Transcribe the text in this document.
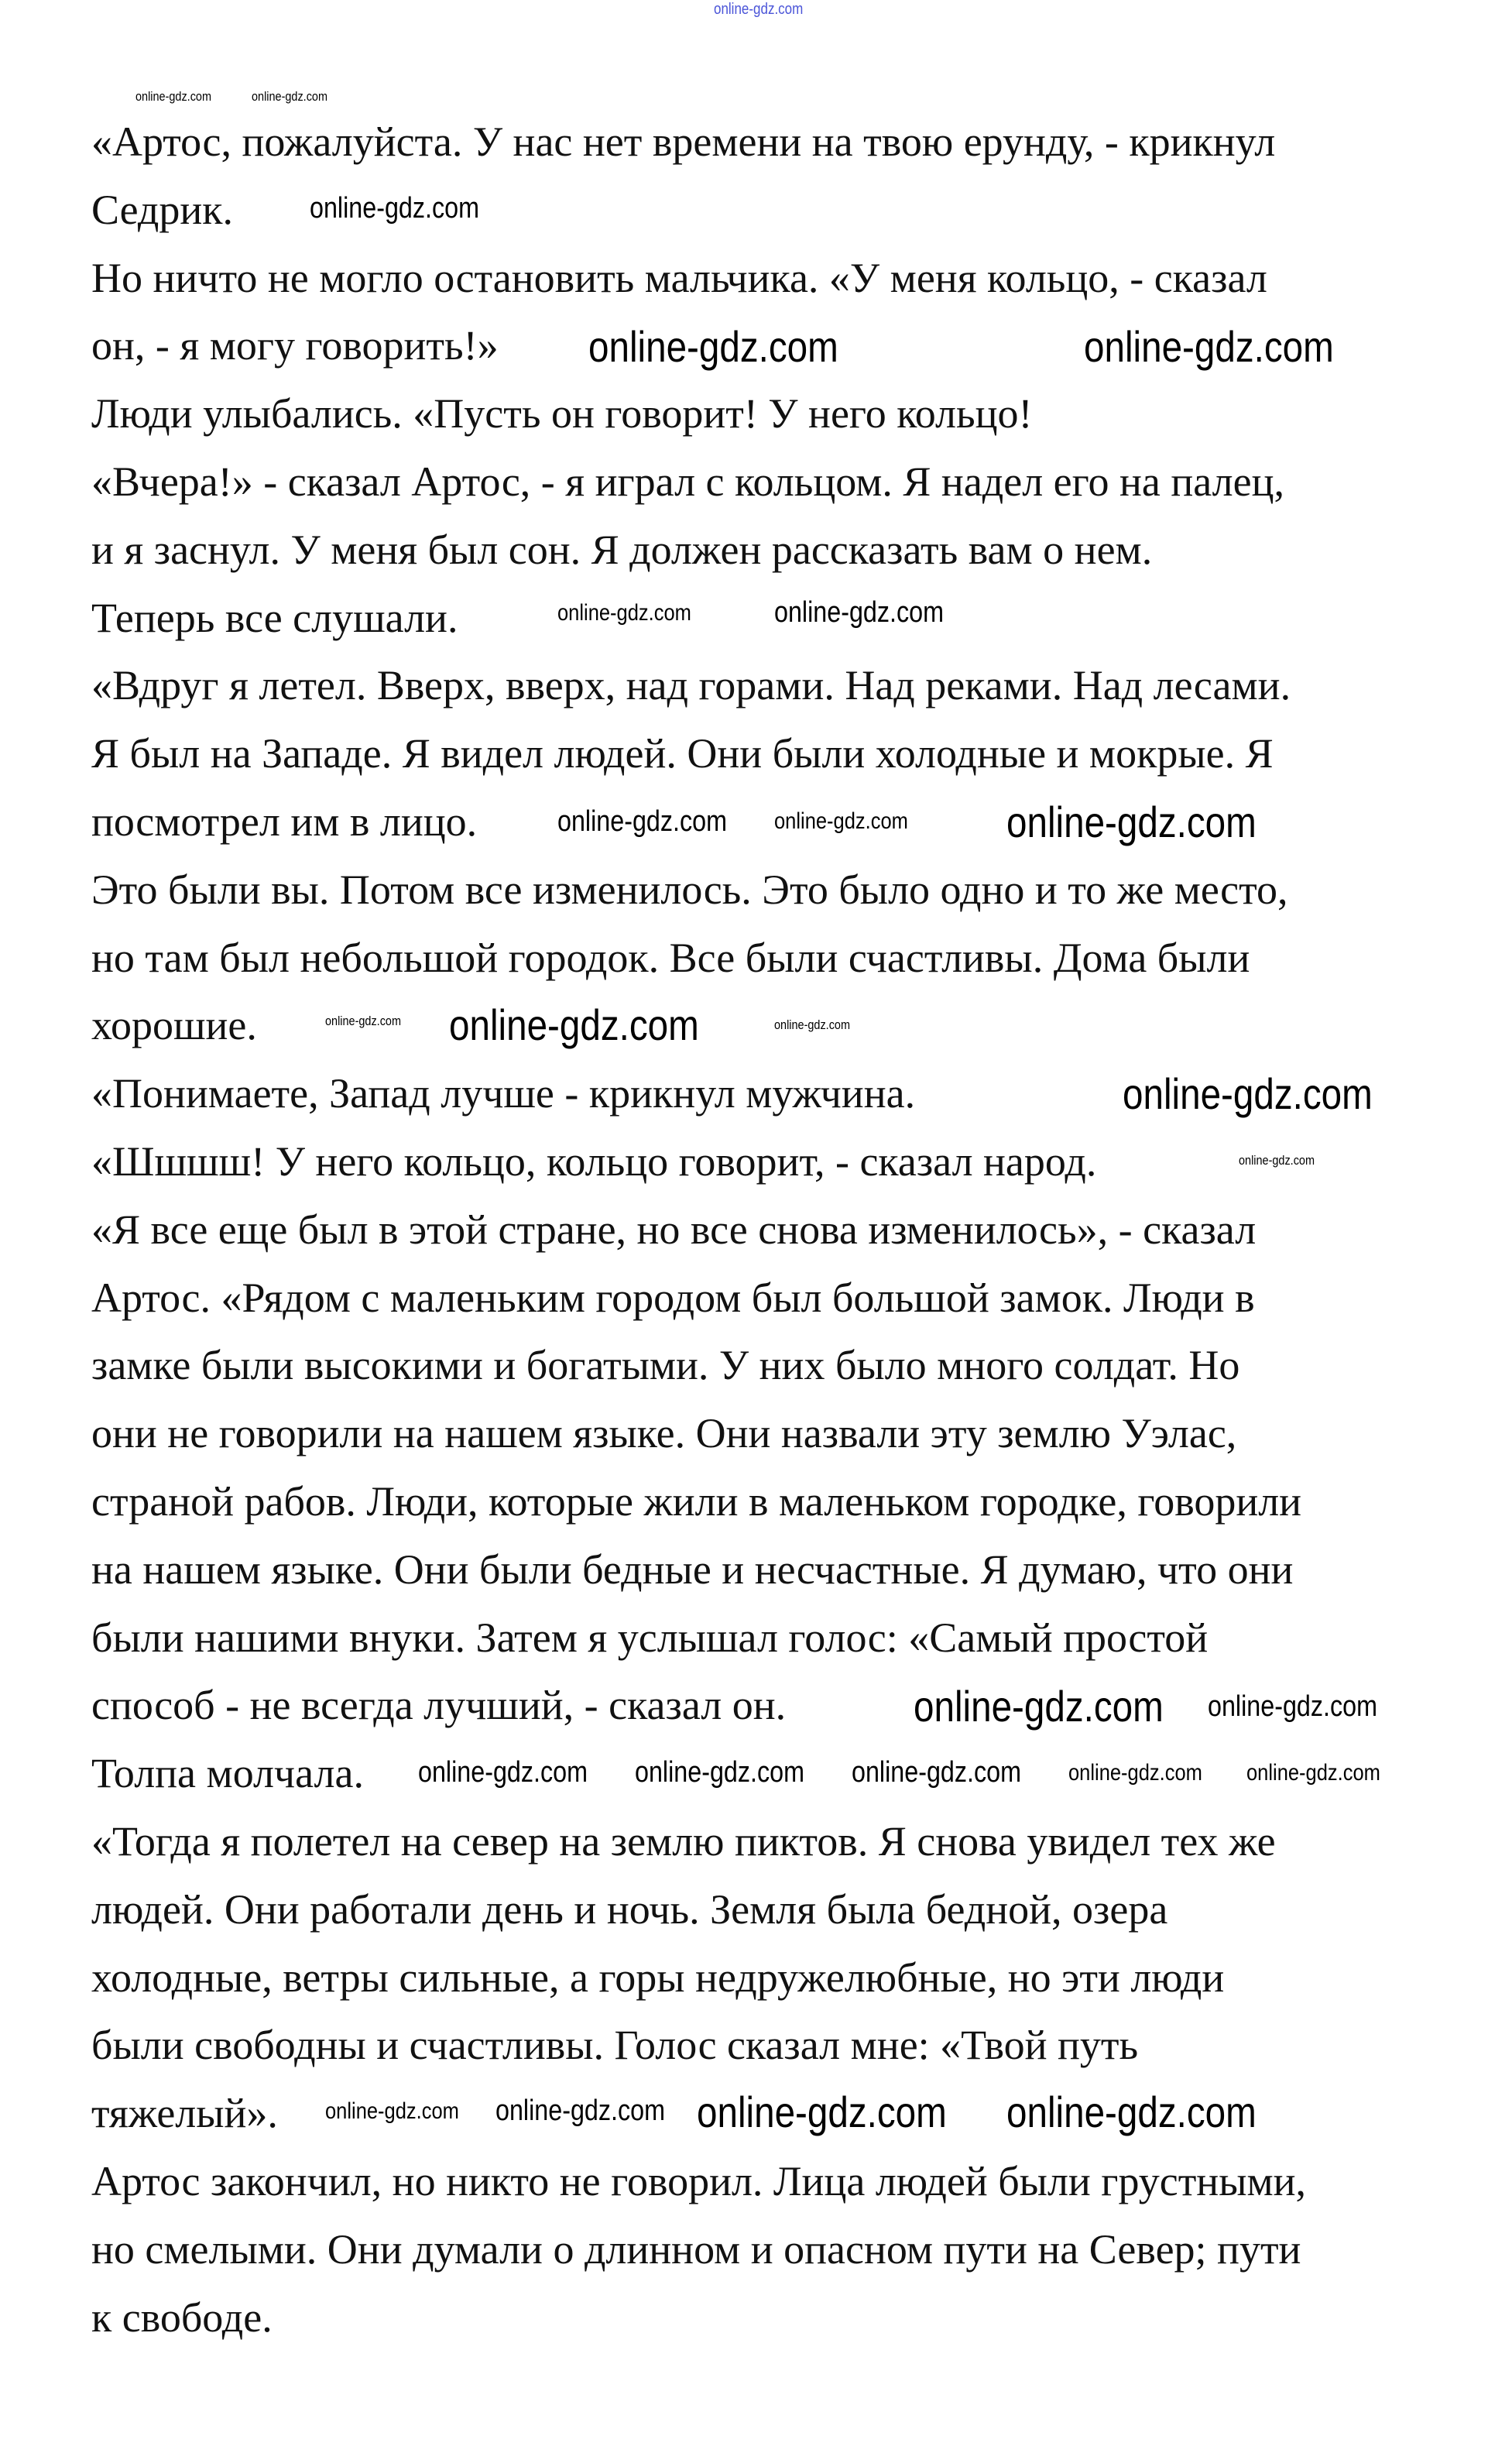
«Артос, пожалуйста. У нас нет времени на твою ерунду, - крикнул
Седрик.
Но ничто не могло остановить мальчика. «У меня кольцо, - сказал
он, - я могу говорить!»
Люди улыбались. «Пусть он говорит! У него кольцо!
«Вчера!» - сказал Артос, - я играл с кольцом. Я надел его на палец,
и я заснул. У меня был сон. Я должен рассказать вам о нем.
Теперь все слушали.
«Вдруг я летел. Вверх, вверх, над горами. Над реками. Над лесами.
Я был на Западе. Я видел людей. Они были холодные и мокрые. Я
посмотрел им в лицо.
Это были вы. Потом все изменилось. Это было одно и то же место,
но там был небольшой городок. Все были счастливы. Дома были
хорошие.
«Понимаете, Запад лучше - крикнул мужчина.
«Шшшш! У него кольцо, кольцо говорит, - сказал народ.
«Я все еще был в этой стране, но все снова изменилось», - сказал
Артос. «Рядом с маленьким городом был большой замок. Люди в
замке были высокими и богатыми. У них было много солдат. Но
они не говорили на нашем языке. Они назвали эту землю Уэлас,
страной рабов. Люди, которые жили в маленьком городке, говорили
на нашем языке. Они были бедные и несчастные. Я думаю, что они
были нашими внуки. Затем я услышал голос: «Самый простой
способ - не всегда лучший, - сказал он.
Толпа молчала.
«Тогда я полетел на север на землю пиктов. Я снова увидел тех же
людей. Они работали день и ночь. Земля была бедной, озера
холодные, ветры сильные, а горы недружелюбные, но эти люди
были свободны и счастливы. Голос сказал мне: «Твой путь
тяжелый».
Артос закончил, но никто не говорил. Лица людей были грустными,
но смелыми. Они думали о длинном и опасном пути на Север; пути
к свободе.
online-gdz.com
online-gdz.com	online-gdz.com
online-gdz.com
online-gdz.com	online-gdz.com
online-gdz.com
online-gdz.com
online-gdz.com online-gdz.com online-gdz.com
online-gdz.com online-gdz.com	online-gdz.com
online-gdz.com
online-gdz.com
online-gdz.com online-gdz.com online-gdz.com online-gdz.com online-gdz.com
online-gdz.com
online-gdz.com
online-gdz.com online-gdz.com online-gdz.com online-gdz.com
